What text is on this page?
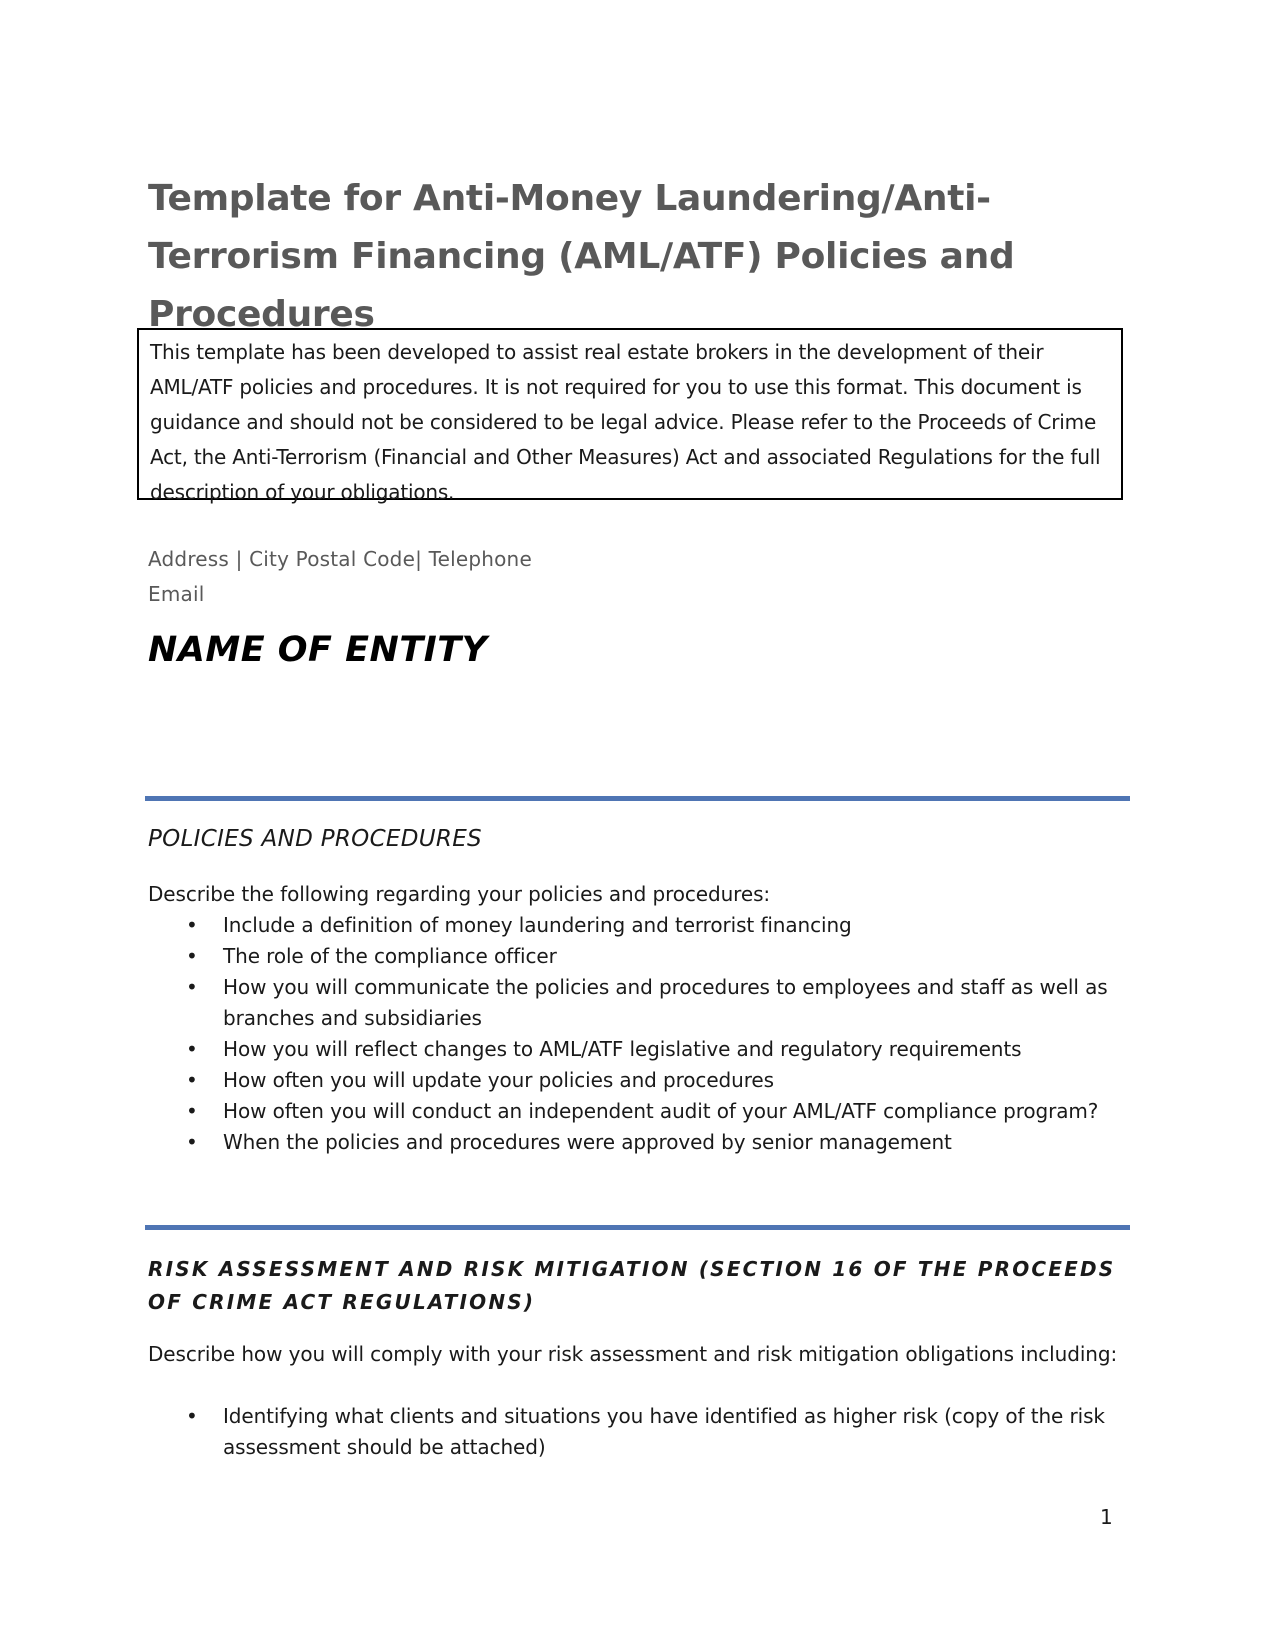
Template for Anti-Money Laundering/Anti-Terrorism Financing (AML/ATF) Policies and Procedures
This template has been developed to assist real estate brokers in the development of their AML/ATF policies and procedures. It is not required for you to use this format. This document is guidance and should not be considered to be legal advice. Please refer to the Proceeds of Crime Act, the Anti-Terrorism (Financial and Other Measures) Act and associated Regulations for the full description of your obligations.
Address | City Postal Code| Telephone
Email
NAME OF ENTITY
POLICIES AND PROCEDURES
Describe the following regarding your policies and procedures:
• Include a definition of money laundering and terrorist financing
• The role of the compliance officer
• How you will communicate the policies and procedures to employees and staff as well as branches and subsidiaries
• How you will reflect changes to AML/ATF legislative and regulatory requirements
• How often you will update your policies and procedures
• How often you will conduct an independent audit of your AML/ATF compliance program?
• When the policies and procedures were approved by senior management
RISK ASSESSMENT AND RISK MITIGATION (SECTION 16 OF THE PROCEEDS OF CRIME ACT REGULATIONS)
Describe how you will comply with your risk assessment and risk mitigation obligations including:
• Identifying what clients and situations you have identified as higher risk (copy of the risk assessment should be attached)
1
